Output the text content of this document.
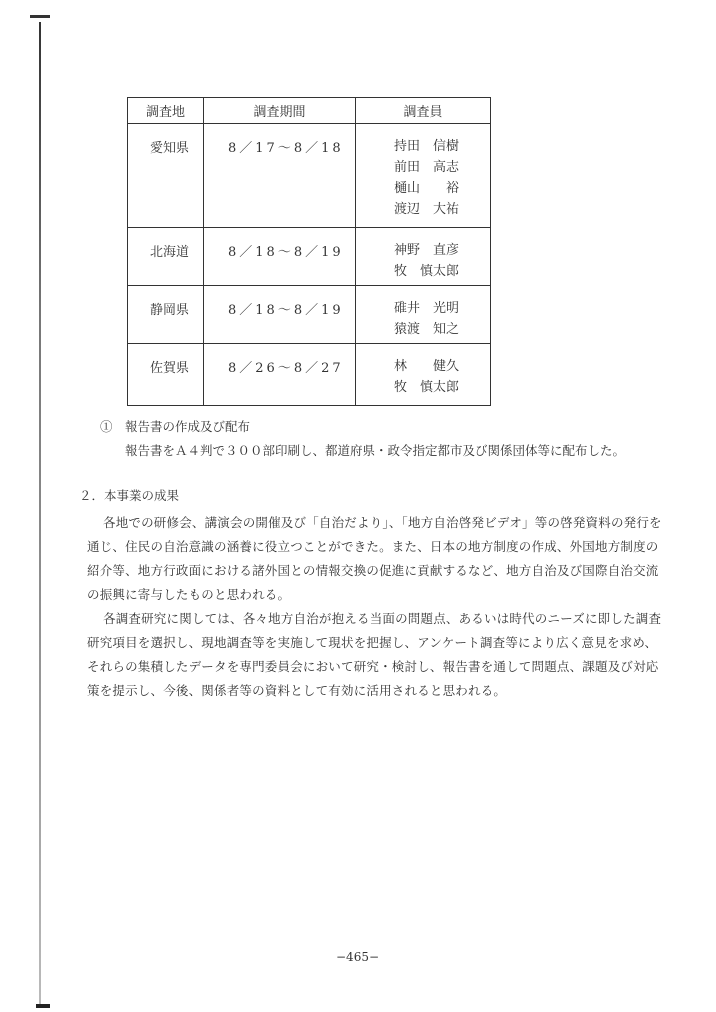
調査地	調査期間	調査員
愛知県	8／17～8／18	持田　信樹
前田　高志
樋山　　裕
渡辺　大祐

北海道	8／18～8／19	神野　直彦
牧　慎太郎

静岡県	8／18～8／19	碓井　光明
猿渡　知之

佐賀県	8／26～8／27	林　　健久
牧　慎太郎
①　報告書の作成及び配布
報告書をＡ４判で３００部印刷し、都道府県・政令指定都市及び関係団体等に配布した。
２．本事業の成果
各地での研修会、講演会の開催及び「自治だより」、「地方自治啓発ビデオ」等の啓発資料の発行を
通じ、住民の自治意識の涵養に役立つことができた。また、日本の地方制度の作成、外国地方制度の
紹介等、地方行政面における諸外国との情報交換の促進に貢献するなど、地方自治及び国際自治交流
の振興に寄与したものと思われる。
各調査研究に関しては、各々地方自治が抱える当面の問題点、あるいは時代のニーズに即した調査
研究項目を選択し、現地調査等を実施して現状を把握し、アンケート調査等により広く意見を求め、
それらの集積したデータを専門委員会において研究・検討し、報告書を通して問題点、課題及び対応
策を提示し、今後、関係者等の資料として有効に活用されると思われる。
−465−
